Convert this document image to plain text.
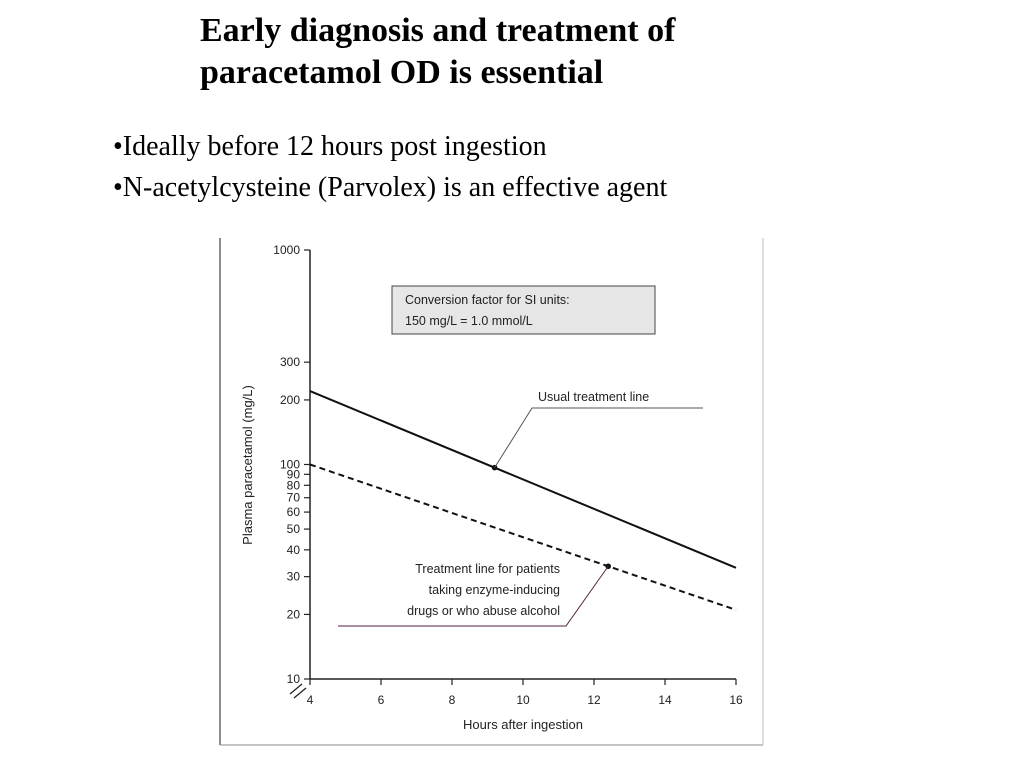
Early diagnosis and treatment of
paracetamol OD is essential
•Ideally before 12 hours post ingestion
•N-acetylcysteine (Parvolex) is an effective agent
10
20
30
40
50
60
70
80
90
100
200
300
1000
4	6	8	10	12	14	16
Plasma paracetamol (mg/L)
Hours after ingestion
Conversion factor for SI units:
150 mg/L = 1.0 mmol/L
Usual treatment line
Treatment line for patients
taking enzyme-inducing
drugs or who abuse alcohol
